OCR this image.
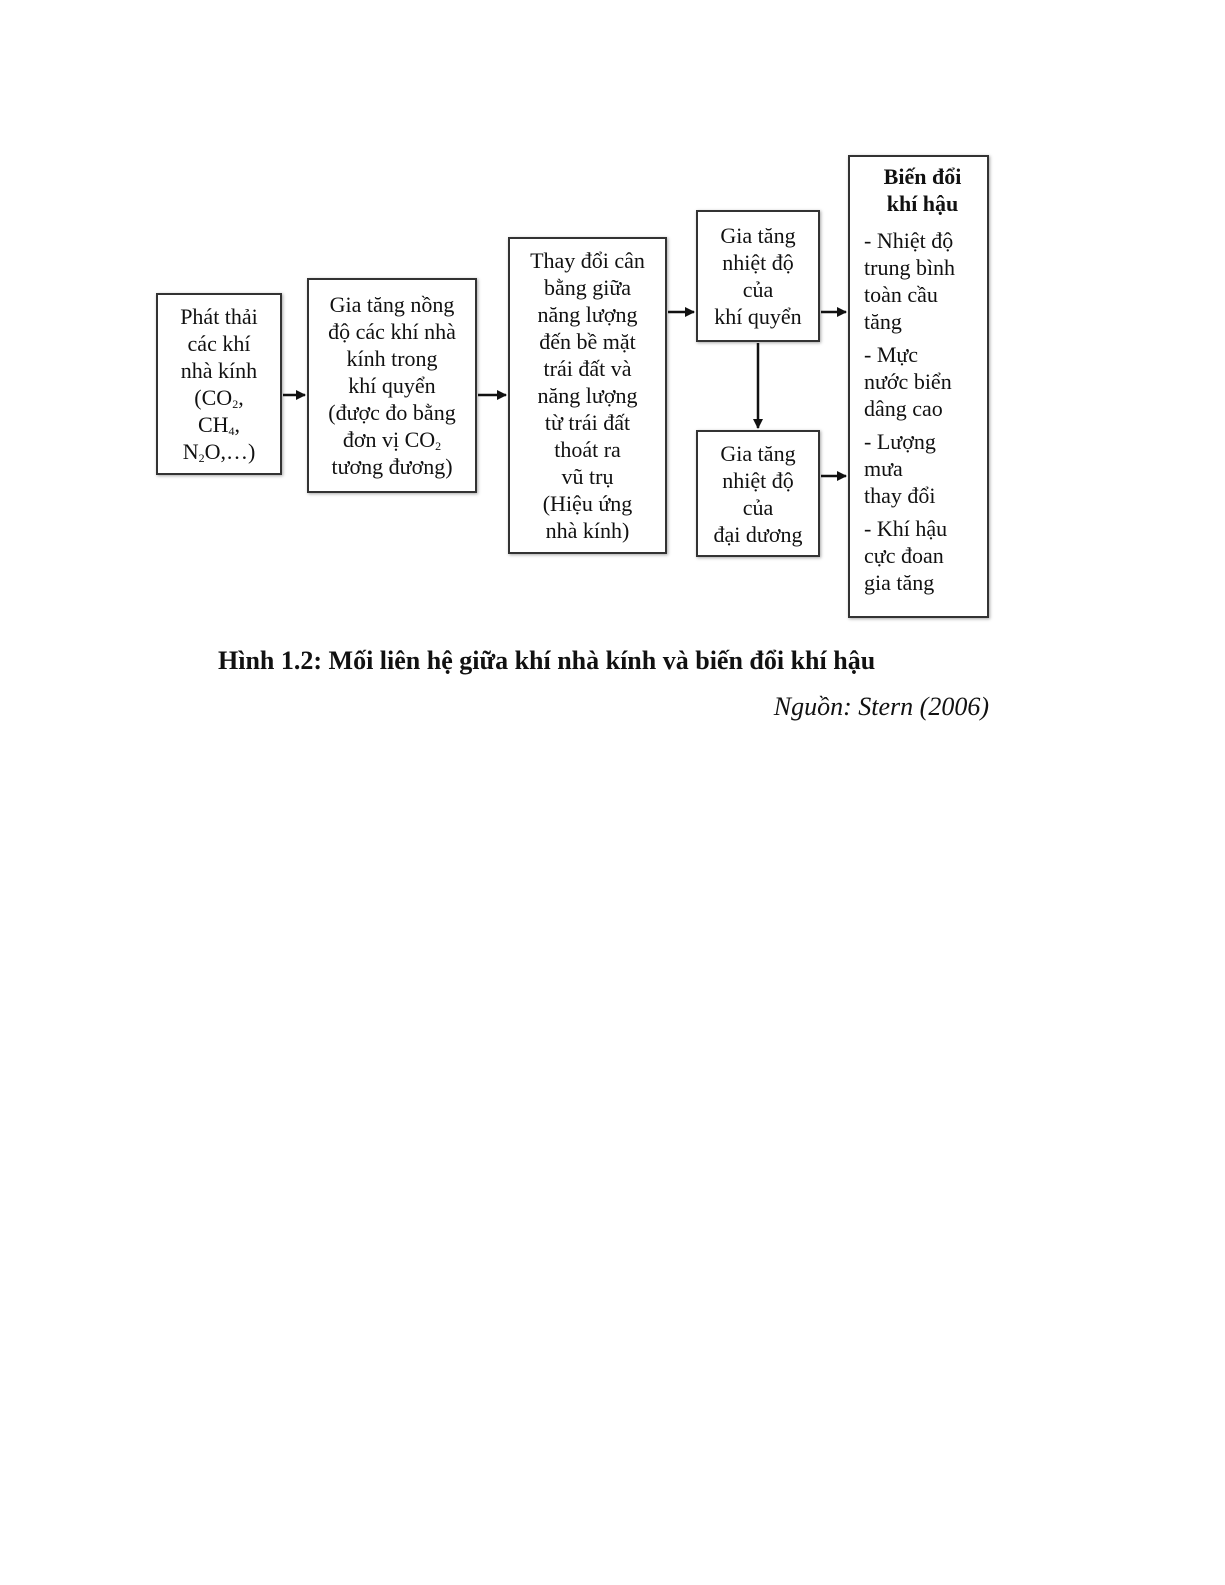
Phát thải
các khí
nhà kính
($CO_2$,
$CH_4$,
$N_2O,\dots$)
Gia tăng nồng
độ các khí nhà
kính trong
khí quyển
(được đo bằng
đơn vị $CO_2$
tương đương)
Thay đổi cân
bằng giữa
năng lượng
đến bề mặt
trái đất và
năng lượng
từ trái đất
thoát ra
vũ trụ
(Hiệu ứng
nhà kính)
Gia tăng
nhiệt độ
của
khí quyển
Gia tăng
nhiệt độ
của
đại dương
Biến đổi
khí hậu
- Nhiệt độ
trung bình
toàn cầu
tăng
- Mực
nước biển
dâng cao
- Lượng
mưa
thay đổi
- Khí hậu
cực đoan
gia tăng
Hình 1.2: Mối liên hệ giữa khí nhà kính và biến đổi khí hậu
Nguồn: Stern (2006)
